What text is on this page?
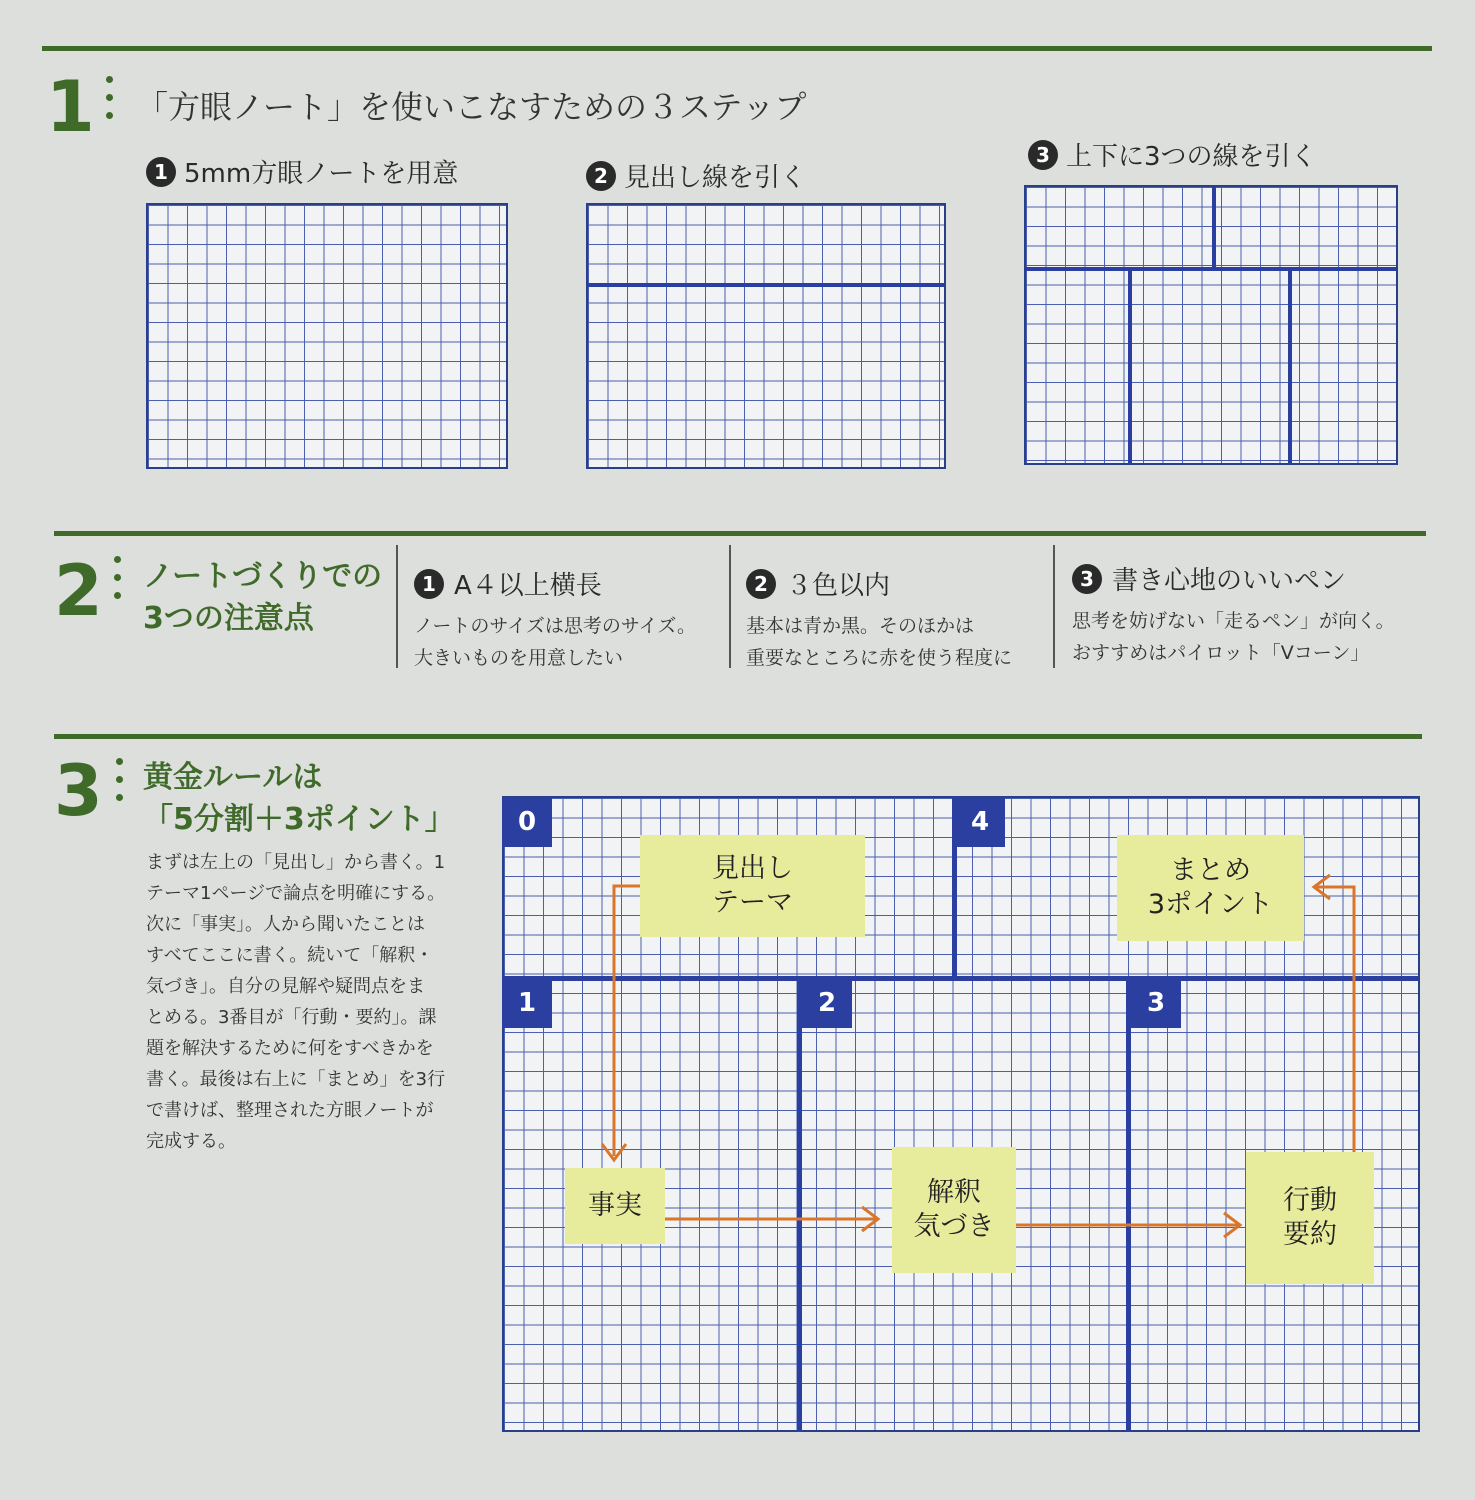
1 「方眼ノート」を使いこなすための３ステップ
1 5mm方眼ノートを用意	2 見出し線を引く
3 上下に3つの線を引く
2 ノートづくりでの
3つの注意点
1 A４以上横長
ノートのサイズは思考のサイズ。
大きいものを用意したい
2 ３色以内
基本は青か黒。そのほかは
重要なところに赤を使う程度に
3 書き心地のいいペン
思考を妨げない「走るペン」が向く。
おすすめはパイロット「Vコーン」
3 黄金ルールは
「5分割＋3ポイント」
まずは左上の「見出し」から書く。1
テーマ1ページで論点を明確にする。
次に「事実」。人から聞いたことは
すべてここに書く。続いて「解釈・
気づき」。自分の見解や疑問点をま
とめる。3番目が「行動・要約」。課
題を解決するために何をすべきかを
書く。最後は右上に「まとめ」を3行
で書けば、整理された方眼ノートが
完成する。
0	4
1	2	3
見出し
テーマ
まとめ
3ポイント
事実	解釈
気づき
行動
要約
